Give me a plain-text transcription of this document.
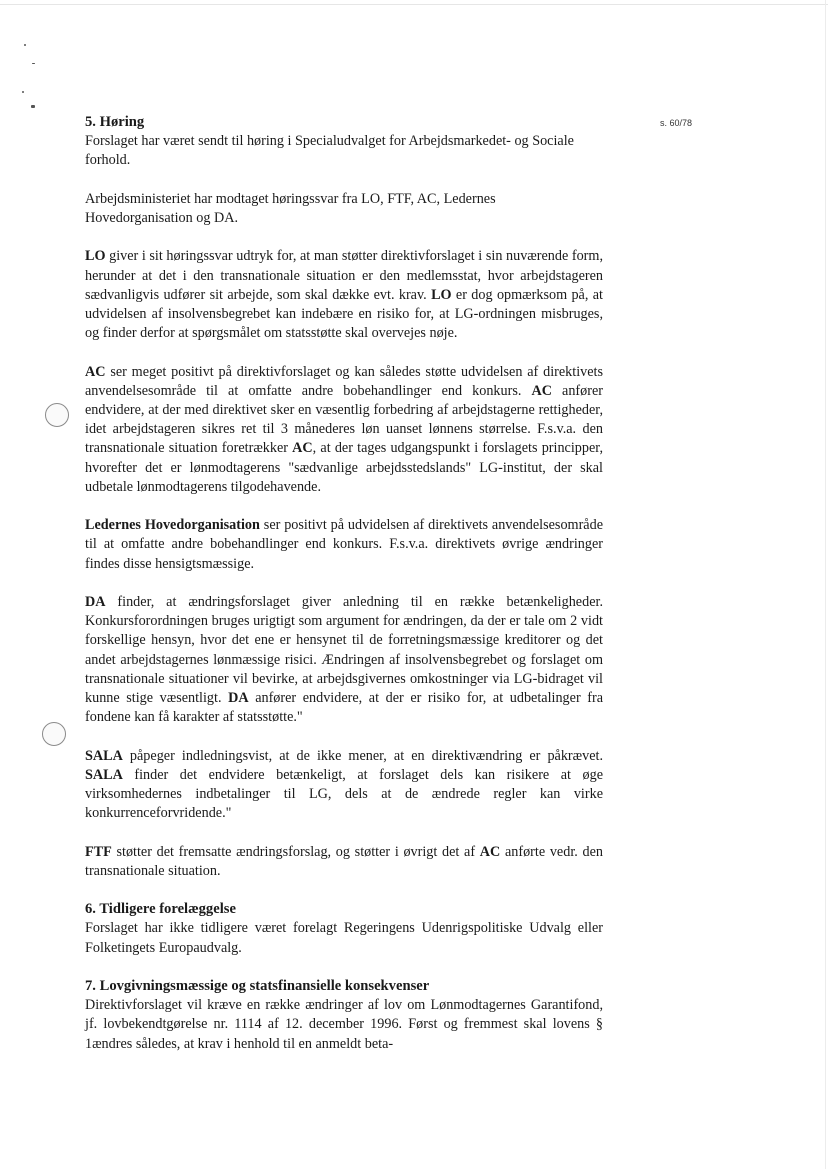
s. 60/78
5. Høring

Forslaget har været sendt til høring i Specialudvalget for Arbejdsmarkedet- og Sociale forhold.

Arbejdsministeriet har modtaget høringssvar fra LO, FTF, AC, Ledernes Hovedorganisation og DA.

LO giver i sit høringssvar udtryk for, at man støtter direktivforslaget i sin nuværende form, herunder at det i den transnationale situation er den medlemsstat, hvor arbejdstageren sædvanligvis udfører sit arbejde, som skal dække evt. krav. LO er dog opmærksom på, at udvidelsen af insolvensbegrebet kan indebære en risiko for, at LG-ordningen misbruges, og finder derfor at spørgsmålet om statsstøtte skal overvejes nøje.

AC ser meget positivt på direktivforslaget og kan således støtte udvidelsen af direktivets anvendelsesområde til at omfatte andre bobehandlinger end konkurs. AC anfører endvidere, at der med direktivet sker en væsentlig forbedring af arbejdstagerne rettigheder, idet arbejdstageren sikres ret til 3 månederes løn uanset lønnens størrelse. F.s.v.a. den transnationale situation foretrækker AC, at der tages udgangspunkt i forslagets principper, hvorefter det er lønmodtagerens "sædvanlige arbejdsstedslands" LG-institut, der skal udbetale lønmodtagerens tilgodehavende.

Ledernes Hovedorganisation ser positivt på udvidelsen af direktivets anvendelsesområde til at omfatte andre bobehandlinger end konkurs. F.s.v.a. direktivets øvrige ændringer findes disse hensigtsmæssige.

DA finder, at ændringsforslaget giver anledning til en række betænkeligheder. Konkursforordningen bruges urigtigt som argument for ændringen, da der er tale om 2 vidt forskellige hensyn, hvor det ene er hensynet til de forretningsmæssige kreditorer og det andet arbejdstagernes lønmæssige risici. Ændringen af insolvensbegrebet og forslaget om transnationale situationer vil bevirke, at arbejdsgivernes omkostninger via LG-bidraget vil kunne stige væsentligt. DA anfører endvidere, at der er risiko for, at udbetalinger fra fondene kan få karakter af statsstøtte."

SALA påpeger indledningsvist, at de ikke mener, at en direktivændring er påkrævet. SALA finder det endvidere betænkeligt, at forslaget dels kan risikere at øge virksomhedernes indbetalinger til LG, dels at de ændrede regler kan virke konkurrenceforvridende."

FTF støtter det fremsatte ændringsforslag, og støtter i øvrigt det af AC anførte vedr. den transnationale situation.

6. Tidligere forelæggelse

Forslaget har ikke tidligere været forelagt Regeringens Udenrigspolitiske Udvalg eller Folketingets Europaudvalg.

7. Lovgivningsmæssige og statsfinansielle konsekvenser

Direktivforslaget vil kræve en række ændringer af lov om Lønmodtagernes Garantifond, jf. lovbekendtgørelse nr. 1114 af 12. december 1996. Først og fremmest skal lovens § 1ændres således, at krav i henhold til en anmeldt beta-
